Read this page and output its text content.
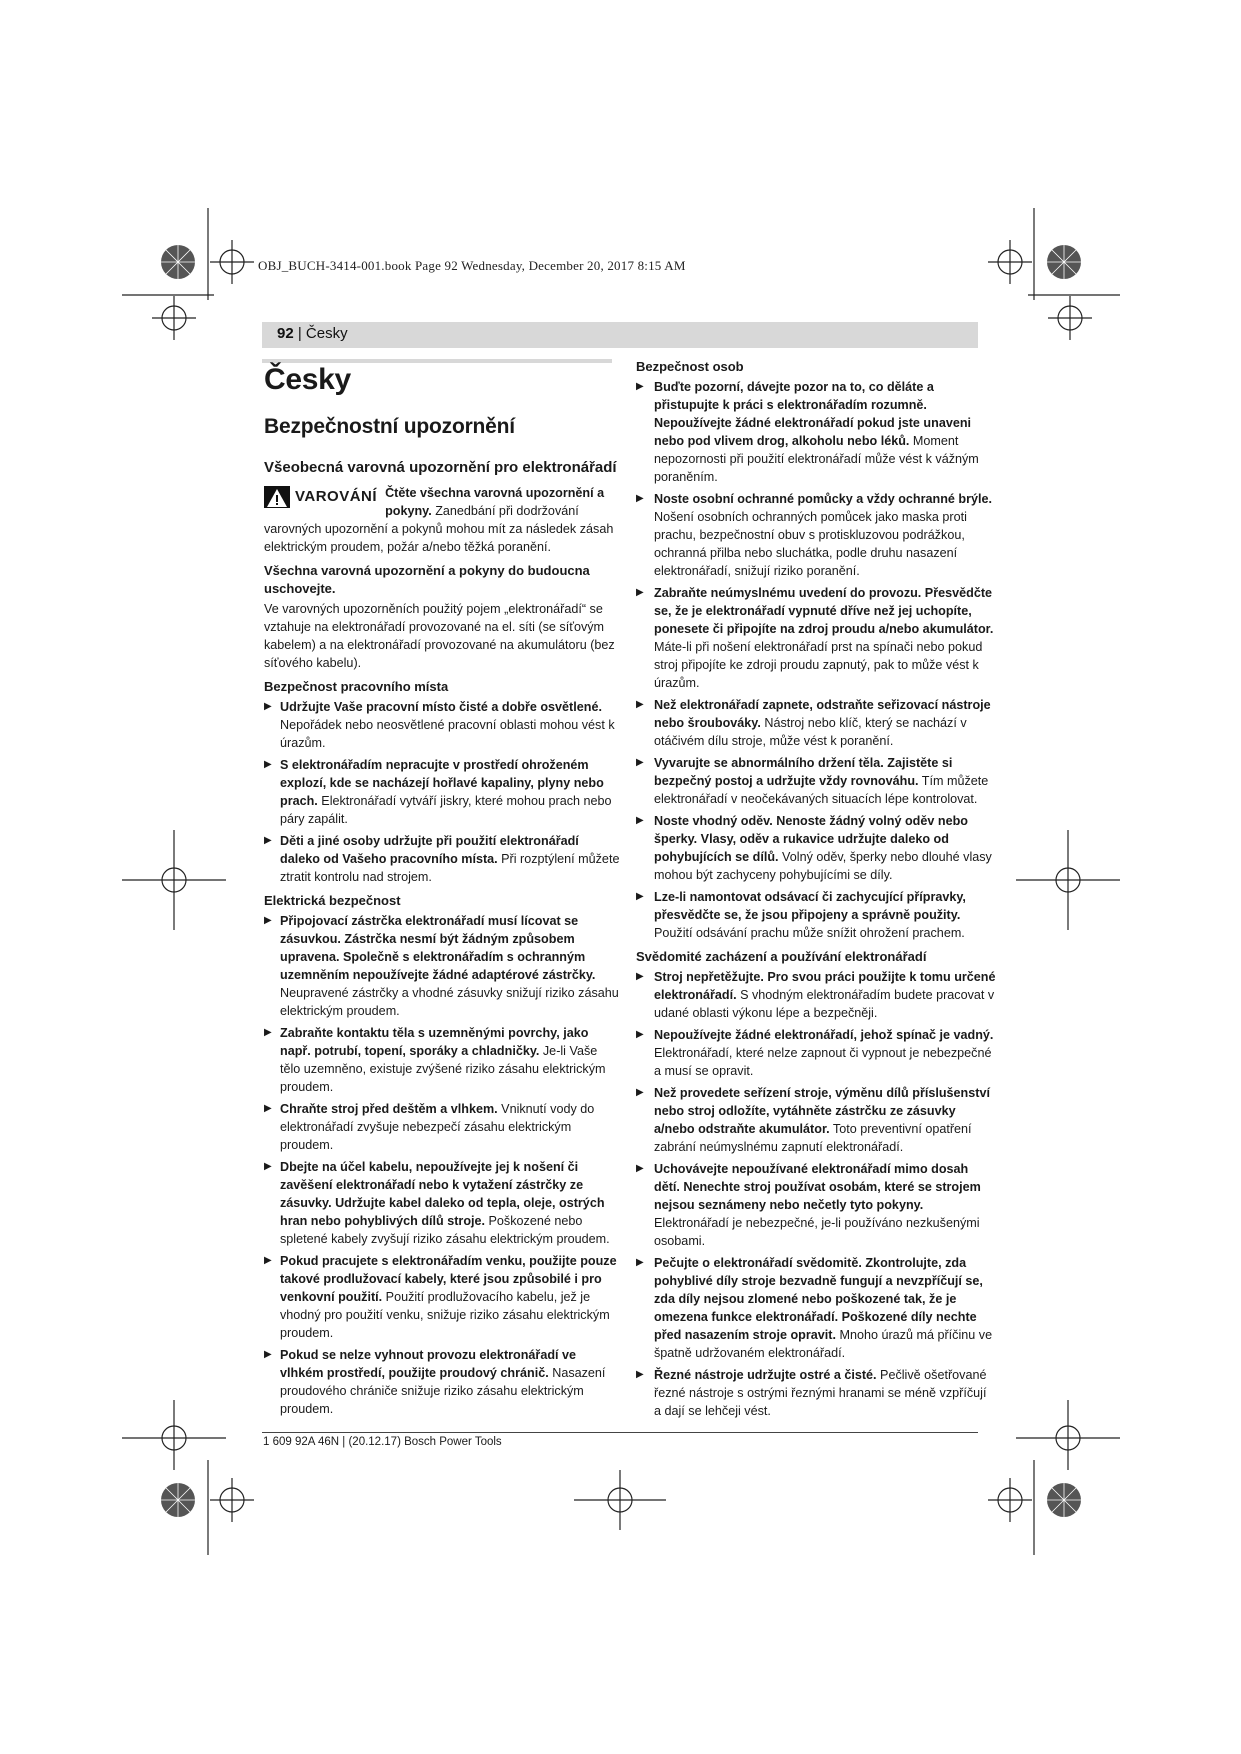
OBJ_BUCH-3414-001.book Page 92 Wednesday, December 20, 2017 8:15 AM
92 | Česky
Česky
Bezpečnostní upozornění
Všeobecná varovná upozornění pro elektronářadí
VAROVÁNÍ Čtěte všechna varovná upozornění a pokyny. Zanedbání při dodržování varovných upozornění a pokynů mohou mít za následek zásah elektrickým proudem, požár a/nebo těžká poranění.

Všechna varovná upozornění a pokyny do budoucna uschovejte.

Ve varovných upozorněních použitý pojem „elektronářadí“ se vztahuje na elektronářadí provozované na el. síti (se síťovým kabelem) a na elektronářadí provozované na akumulátoru (bez síťového kabelu).

Bezpečnost pracovního místa

▶ Udržujte Vaše pracovní místo čisté a dobře osvětlené. Nepořádek nebo neosvětlené pracovní oblasti mohou vést k úrazům.
▶ S elektronářadím nepracujte v prostředí ohroženém explozí, kde se nacházejí hořlavé kapaliny, plyny nebo prach. Elektronářadí vytváří jiskry, které mohou prach nebo páry zapálit.
▶ Děti a jiné osoby udržujte při použití elektronářadí daleko od Vašeho pracovního místa. Při rozptýlení můžete ztratit kontrolu nad strojem.

Elektrická bezpečnost

▶ Připojovací zástrčka elektronářadí musí lícovat se zásuvkou. Zástrčka nesmí být žádným způsobem upravena. Společně s elektronářadím s ochranným uzemněním nepoužívejte žádné adaptérové zástrčky. Neupravené zástrčky a vhodné zásuvky snižují riziko zásahu elektrickým proudem.
▶ Zabraňte kontaktu těla s uzemněnými povrchy, jako např. potrubí, topení, sporáky a chladničky. Je-li Vaše tělo uzemněno, existuje zvýšené riziko zásahu elektrickým proudem.
▶ Chraňte stroj před deštěm a vlhkem. Vniknutí vody do elektronářadí zvyšuje nebezpečí zásahu elektrickým proudem.
▶ Dbejte na účel kabelu, nepoužívejte jej k nošení či zavěšení elektronářadí nebo k vytažení zástrčky ze zásuvky. Udržujte kabel daleko od tepla, oleje, ostrých hran nebo pohyblivých dílů stroje. Poškozené nebo spletené kabely zvyšují riziko zásahu elektrickým proudem.
▶ Pokud pracujete s elektronářadím venku, použijte pouze takové prodlužovací kabely, které jsou způsobilé i pro venkovní použití. Použití prodlužovacího kabelu, jež je vhodný pro použití venku, snižuje riziko zásahu elektrickým proudem.
▶ Pokud se nelze vyhnout provozu elektronářadí ve vlhkém prostředí, použijte proudový chránič. Nasazení proudového chrániče snižuje riziko zásahu elektrickým proudem.

Bezpečnost osob

▶ Buďte pozorní, dávejte pozor na to, co děláte a přistupujte k práci s elektronářadím rozumně. Nepoužívejte žádné elektronářadí pokud jste unaveni nebo pod vlivem drog, alkoholu nebo léků. Moment nepozornosti při použití elektronářadí může vést k vážným poraněním.
▶ Noste osobní ochranné pomůcky a vždy ochranné brýle. Nošení osobních ochranných pomůcek jako maska proti prachu, bezpečnostní obuv s protiskluzovou podrážkou, ochranná přilba nebo sluchátka, podle druhu nasazení elektronářadí, snižují riziko poranění.
▶ Zabraňte neúmyslnému uvedení do provozu. Přesvědčte se, že je elektronářadí vypnuté dříve než jej uchopíte, ponesete či připojíte na zdroj proudu a/nebo akumulátor. Máte-li při nošení elektronářadí prst na spínači nebo pokud stroj připojíte ke zdroji proudu zapnutý, pak to může vést k úrazům.
▶ Než elektronářadí zapnete, odstraňte seřizovací nástroje nebo šroubováky. Nástroj nebo klíč, který se nachází v otáčivém dílu stroje, může vést k poranění.
▶ Vyvarujte se abnormálního držení těla. Zajistěte si bezpečný postoj a udržujte vždy rovnováhu. Tím můžete elektronářadí v neočekávaných situacích lépe kontrolovat.
▶ Noste vhodný oděv. Nenoste žádný volný oděv nebo šperky. Vlasy, oděv a rukavice udržujte daleko od pohybujících se dílů. Volný oděv, šperky nebo dlouhé vlasy mohou být zachyceny pohybujícími se díly.
▶ Lze-li namontovat odsávací či zachycující přípravky, přesvědčte se, že jsou připojeny a správně použity. Použití odsávání prachu může snížit ohrožení prachem.

Svědomité zacházení a používání elektronářadí

▶ Stroj nepřetěžujte. Pro svou práci použijte k tomu určené elektronářadí. S vhodným elektronářadím budete pracovat v udané oblasti výkonu lépe a bezpečněji.
▶ Nepoužívejte žádné elektronářadí, jehož spínač je vadný. Elektronářadí, které nelze zapnout či vypnout je nebezpečné a musí se opravit.
▶ Než provedete seřízení stroje, výměnu dílů příslušenství nebo stroj odložíte, vytáhněte zástrčku ze zásuvky a/nebo odstraňte akumulátor. Toto preventivní opatření zabrání neúmyslnému zapnutí elektronářadí.
▶ Uchovávejte nepoužívané elektronářadí mimo dosah dětí. Nenechte stroj používat osobám, které se strojem nejsou seznámeny nebo nečetly tyto pokyny. Elektronářadí je nebezpečné, je-li používáno nezkušenými osobami.
▶ Pečujte o elektronářadí svědomitě. Zkontrolujte, zda pohyblivé díly stroje bezvadně fungují a nevzpříčují se, zda díly nejsou zlomené nebo poškozené tak, že je omezena funkce elektronářadí. Poškozené díly nechte před nasazením stroje opravit. Mnoho úrazů má příčinu ve špatně udržovaném elektronářadí.
▶ Řezné nástroje udržujte ostré a čisté. Pečlivě ošetřované řezné nástroje s ostrými řeznými hranami se méně vzpříčují a dají se lehčeji vést.
1 609 92A 46N | (20.12.17) Bosch Power Tools
